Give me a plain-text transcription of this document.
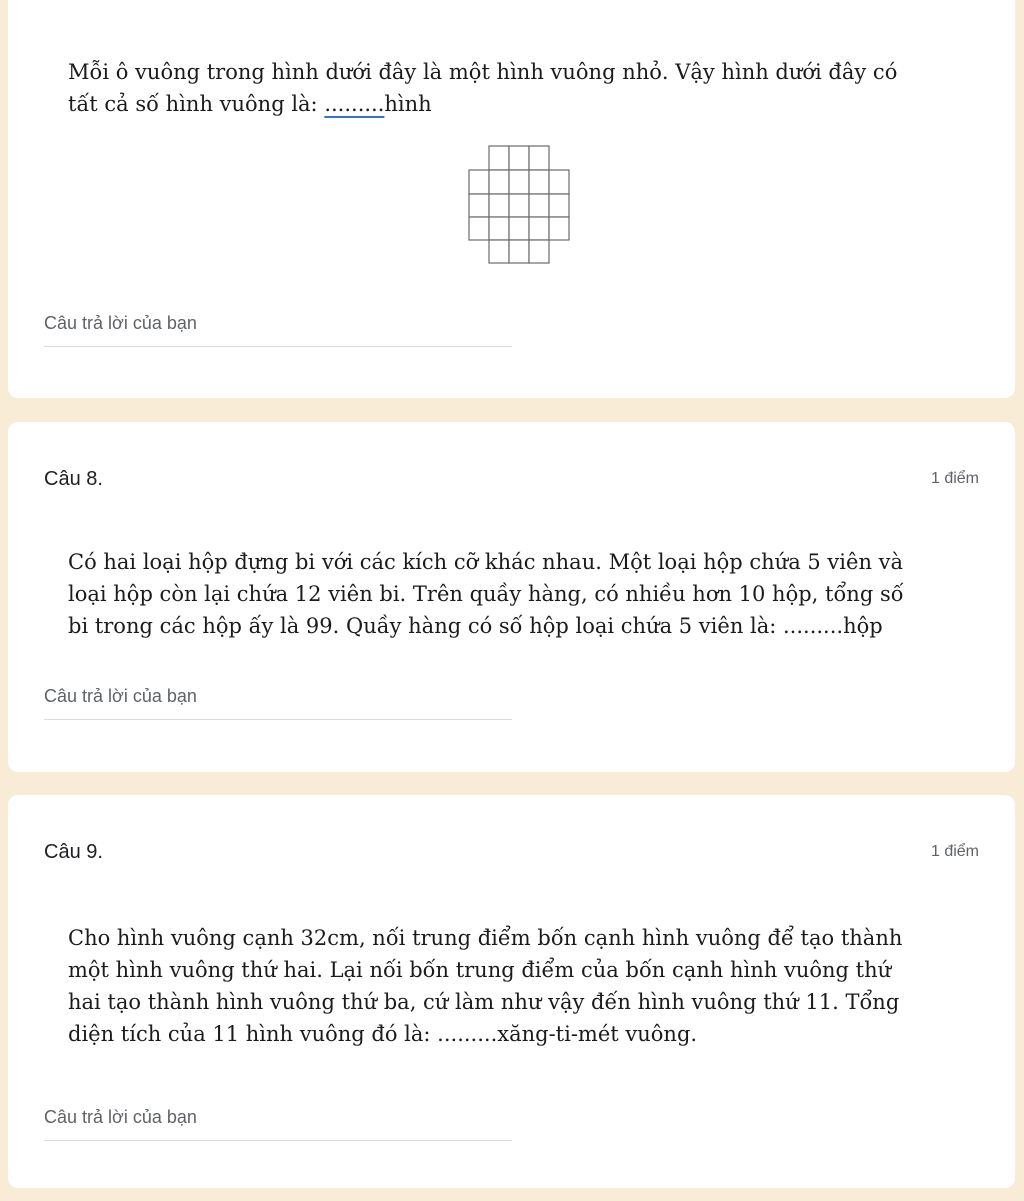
Mỗi ô vuông trong hình dưới đây là một hình vuông nhỏ. Vậy hình dưới đây có
tất cả số hình vuông là: .........hình

Câu trả lời của bạn
Câu 8.	1 điểm

Có hai loại hộp đựng bi với các kích cỡ khác nhau. Một loại hộp chứa 5 viên và
loại hộp còn lại chứa 12 viên bi. Trên quầy hàng, có nhiều hơn 10 hộp, tổng số
bi trong các hộp ấy là 99. Quầy hàng có số hộp loại chứa 5 viên là: .........hộp

Câu trả lời của bạn
Câu 9.	1 điểm

Cho hình vuông cạnh 32cm, nối trung điểm bốn cạnh hình vuông để tạo thành
một hình vuông thứ hai. Lại nối bốn trung điểm của bốn cạnh hình vuông thứ
hai tạo thành hình vuông thứ ba, cứ làm như vậy đến hình vuông thứ 11. Tổng
diện tích của 11 hình vuông đó là: .........xăng-ti-mét vuông.

Câu trả lời của bạn
